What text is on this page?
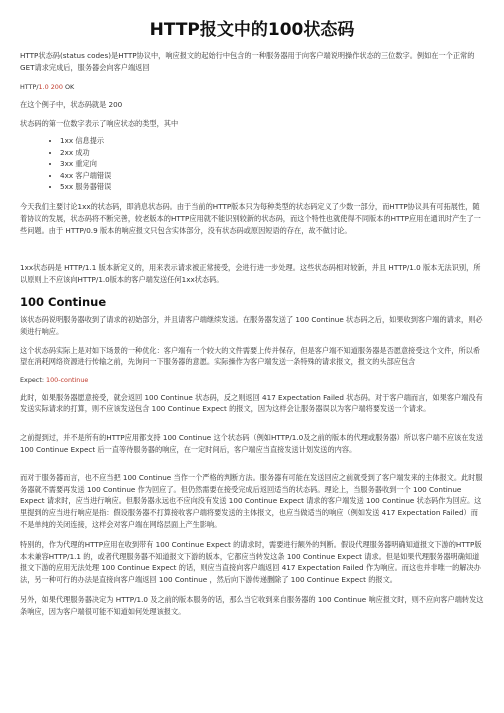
HTTP报文中的100状态码

HTTP状态码(status codes)是HTTP协议中，响应报文的起始行中包含的一种服务器用于向客户端说明操作状态的三位数字。例如在一个正常的GET请求完成后，服务器会向客户端返回

HTTP/1.0 200 OK

在这个例子中，状态码就是 200

状态码的第一位数字表示了响应状态的类型，其中

• 1xx 信息提示
• 2xx 成功
• 3xx 重定向
• 4xx 客户端错误
• 5xx 服务器错误

今天我们主要讨论1xx的状态码，即消息状态码。由于当前的HTTP版本只为每种类型的状态码定义了少数一部分，而HTTP协议具有可拓展性，随着协议的发展，状态码将不断完善，较老版本的HTTP应用就不能识别较新的状态码，而这个特性也就使得不同版本的HTTP应用在通讯时产生了一些问题。由于 HTTP/0.9 版本的响应报文只包含实体部分，没有状态码或原因短语的存在，故不做讨论。

1xx状态码是 HTTP/1.1 版本新定义的，用来表示请求被正常接受，会进行进一步处理。这些状态码相对较新，并且 HTTP/1.0 版本无法识别，所以原则上不应该向HTTP/1.0版本的客户端发送任何1xx状态码。

100 Continue

该状态码说明服务器收到了请求的初始部分，并且请客户端继续发送。在服务器发送了 100 Continue 状态码之后，如果收到客户端的请求，则必须进行响应。

这个状态码实际上是对如下场景的一种优化：客户端有一个较大的文件需要上传并保存，但是客户端不知道服务器是否愿意接受这个文件，所以希望在消耗网络资源进行传输之前，先询问一下服务器的意愿。实际操作为客户端发送一条特殊的请求报文，报文的头部应包含

Expect: 100-continue

此时，如果服务器愿意接受，就会返回 100 Continue 状态码，反之则返回 417 Expectation Failed 状态码。对于客户端而言，如果客户端没有发送实际请求的打算，则不应该发送包含 100 Continue Expect 的报文，因为这样会让服务器误以为客户端将要发送一个请求。

之前提到过，并不是所有的HTTP应用都支持 100 Continue 这个状态码（例如HTTP/1.0及之前的版本的代理或服务器）所以客户端不应该在发送 100 Continue Expect 后一直等待服务器的响应，在一定时间后，客户端应当直接发送计划发送的内容。

而对于服务器而言，也不应当把 100 Continue 当作一个严格的判断方法。服务器有可能在发送回应之前就受到了客户端发来的主体报文。此时服务器就不需要再发送 100 Continue 作为回应了。但仍然需要在接受完成后返回适当的状态码。理论上，当服务器收到一个 100 Continue Expect 请求时，应当进行响应。但服务器永远也不应向没有发送 100 Continue Expect 请求的客户端发送 100 Continue 状态码作为回应。这里提到的应当进行响应是指：假设服务器不打算接收客户端将要发送的主体报文，也应当做适当的响应（例如发送 417 Expectation Failed）而不是单纯的关闭连接，这样会对客户端在网络层面上产生影响。

特别的，作为代理的HTTP应用在收到带有 100 Continue Expect 的请求时，需要进行额外的判断。假设代理服务器明确知道报文下游的HTTP版本未兼容HTTP/1.1 的，或者代理服务器不知道报文下游的版本，它都应当转发这条 100 Continue Expect 请求。但是如果代理服务器明确知道报文下游的应用无法处理 100 Continue Expect 的话，则应当直接向客户端返回 417 Expectation Failed 作为响应。而这也并非唯一的解决办法，另一种可行的办法是直接向客户端返回 100 Continue ，然后向下游传递删除了 100 Continue Expect 的报文。

另外，如果代理服务器决定为 HTTP/1.0 及之前的版本服务的话，那么当它收到来自服务器的 100 Continue 响应报文时，则不应向客户端转发这条响应，因为客户端很可能不知道如何处理该报文。
